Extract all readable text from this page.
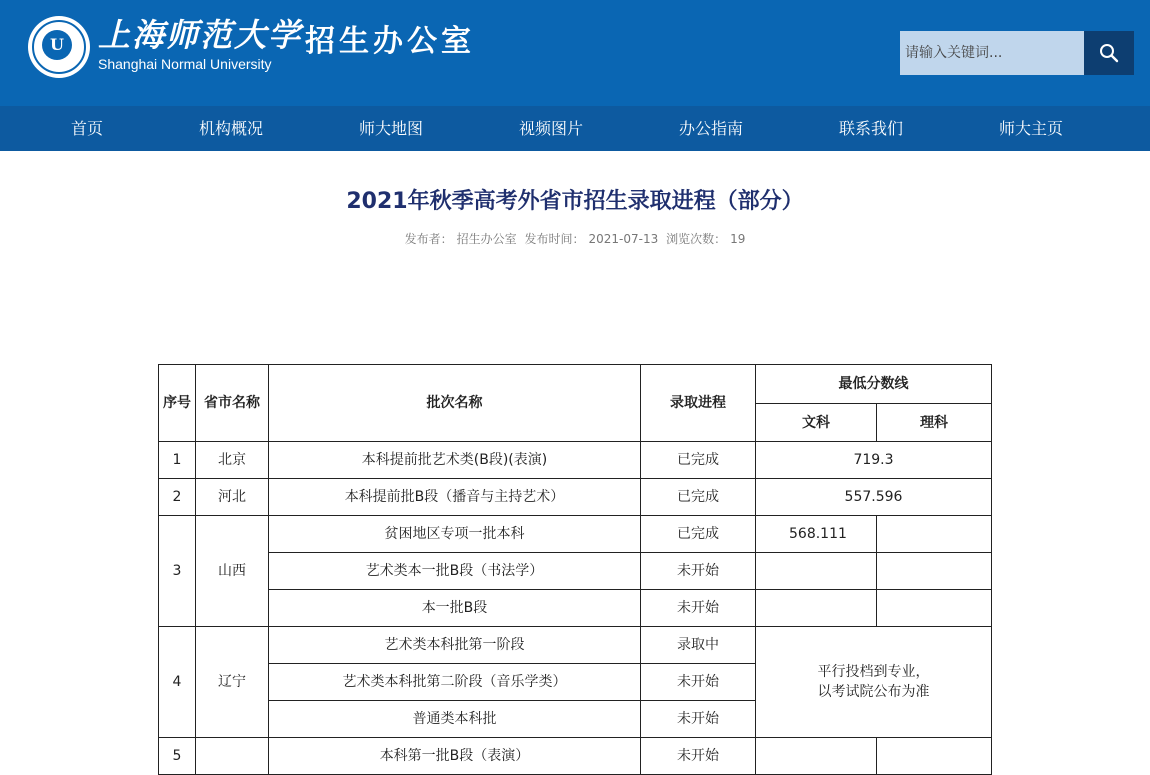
U 上海师范大学
Shanghai Normal University
招生办公室
请输入关键词...
首页	机构概况	师大地图	视频图片	办公指南	联系我们	师大主页
2021年秋季高考外省市招生录取进程（部分）
发布者： 招生办公室 发布时间： 2021-07-13 浏览次数： 19
序号	省市名称	批次名称	录取进程	最低分数线	
				文科	理科
1	北京	本科提前批艺术类(B段)(表演)	已完成	719.3	
2	河北	本科提前批B段（播音与主持艺术）	已完成	557.596	
3	山西	贫困地区专项一批本科	已完成	568.111	
		艺术类本一批B段（书法学）	未开始		
		本一批B段	未开始		
4	辽宁	艺术类本科批第一阶段	录取中	平行投档到专业，
以考试院公布为准	

		艺术类本科批第二阶段（音乐学类）	未开始		
		普通类本科批	未开始		
5		本科第一批B段（表演）	未开始		
